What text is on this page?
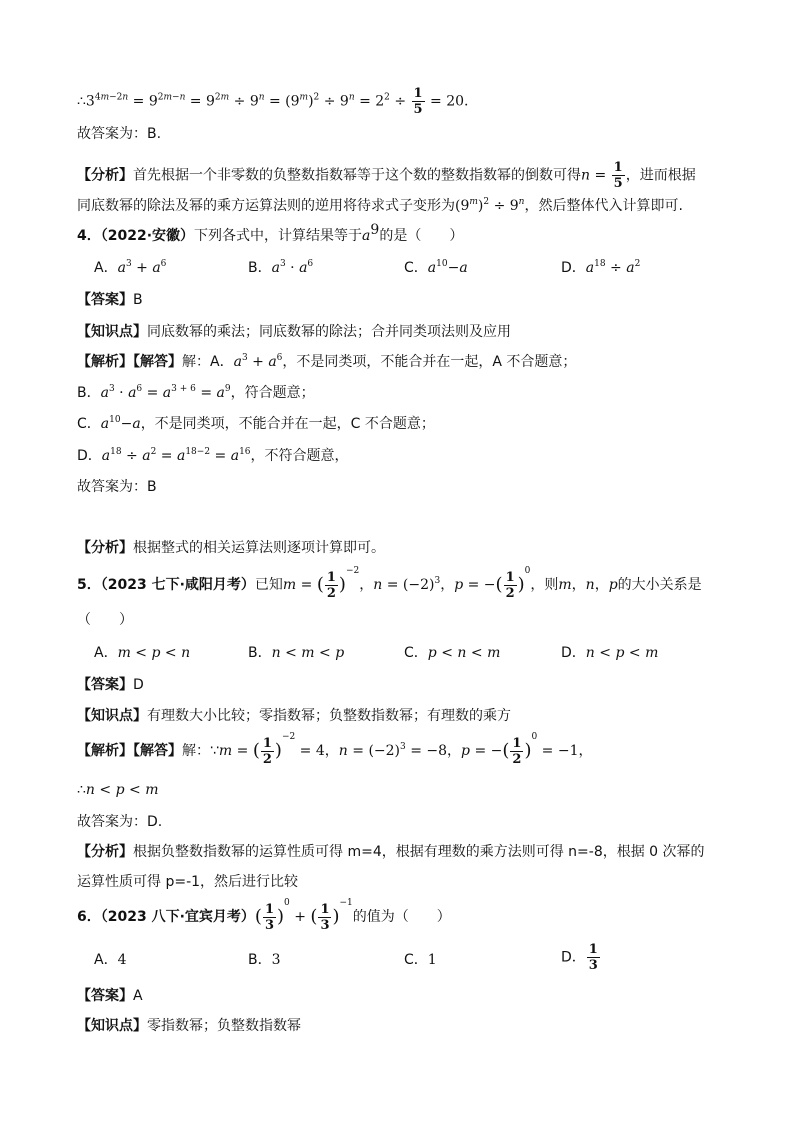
$\therefore 3^{4m-2n} = 9^{2m-n} = 9^{2m} \div 9^n = (9^m)^2 \div 9^n = 2^2 \div \frac{1}{5} = 20$.
故答案为：B.
【分析】首先根据一个非零数的负整数指数幂等于这个数的整数指数幂的倒数可得$n = \frac{1}{5}$ ，进而根据
同底数幂的除法及幂的乘方运算法则的逆用将待求式子变形为$(9^m)^2 \div 9^n$，然后整体代入计算即可.
4．（2022·安徽）下列各式中，计算结果等于$a^9$的是（　　）
A．$a^3 + a^6$	B．$a^3 \cdot a^6$	C．$a^{10}-a$	D．$a^{18} \div a^2$
【答案】B
【知识点】同底数幂的乘法；同底数幂的除法；合并同类项法则及应用
【解析】【解答】解：A．$a^3 + a^6$，不是同类项，不能合并在一起，A 不合题意；
B．$a^3 \cdot a^6 = a^{3 + 6} = a^9$，符合题意；
C．$a^{10}-a$，不是同类项，不能合并在一起，C 不合题意；
D．$a^{18} \div a^2 = a^{18-2} = a^{16}$，不符合题意，
故答案为：B
【分析】根据整式的相关运算法则逐项计算即可。
5．（2023 七下·咸阳月考）已知m = ( $\frac{1}{2} )^{-2}$，$n = (-2)^3$，p = −( $\frac{1}{2} )^0$，则m，n，p的大小关系是
（　　）
A．m < p < n	B．n < m < p	C．p < n < m	D．n < p < m
【答案】D
【知识点】有理数大小比较；零指数幂；负整数指数幂；有理数的乘方
【解析】【解答】解：∵m = ( $\frac{1}{2} )^{-2} = 4$，$n = (-2)^3 = -8$，p = −( $\frac{1}{2} )^0 = -1$，
∴n < p < m
故答案为：D.
【分析】根据负整数指数幂的运算性质可得 m=4，根据有理数的乘方法则可得 n=-8，根据 0 次幂的
运算性质可得 p=-1，然后进行比较
6．（2023 八下·宜宾月考）( $\frac{1}{3} )^0$ + ( $\frac{1}{3} )^{-1}$的值为（　　）
A．4	B．3	C．1	D． $\frac{1}{3}$
【答案】A
【知识点】零指数幂；负整数指数幂
